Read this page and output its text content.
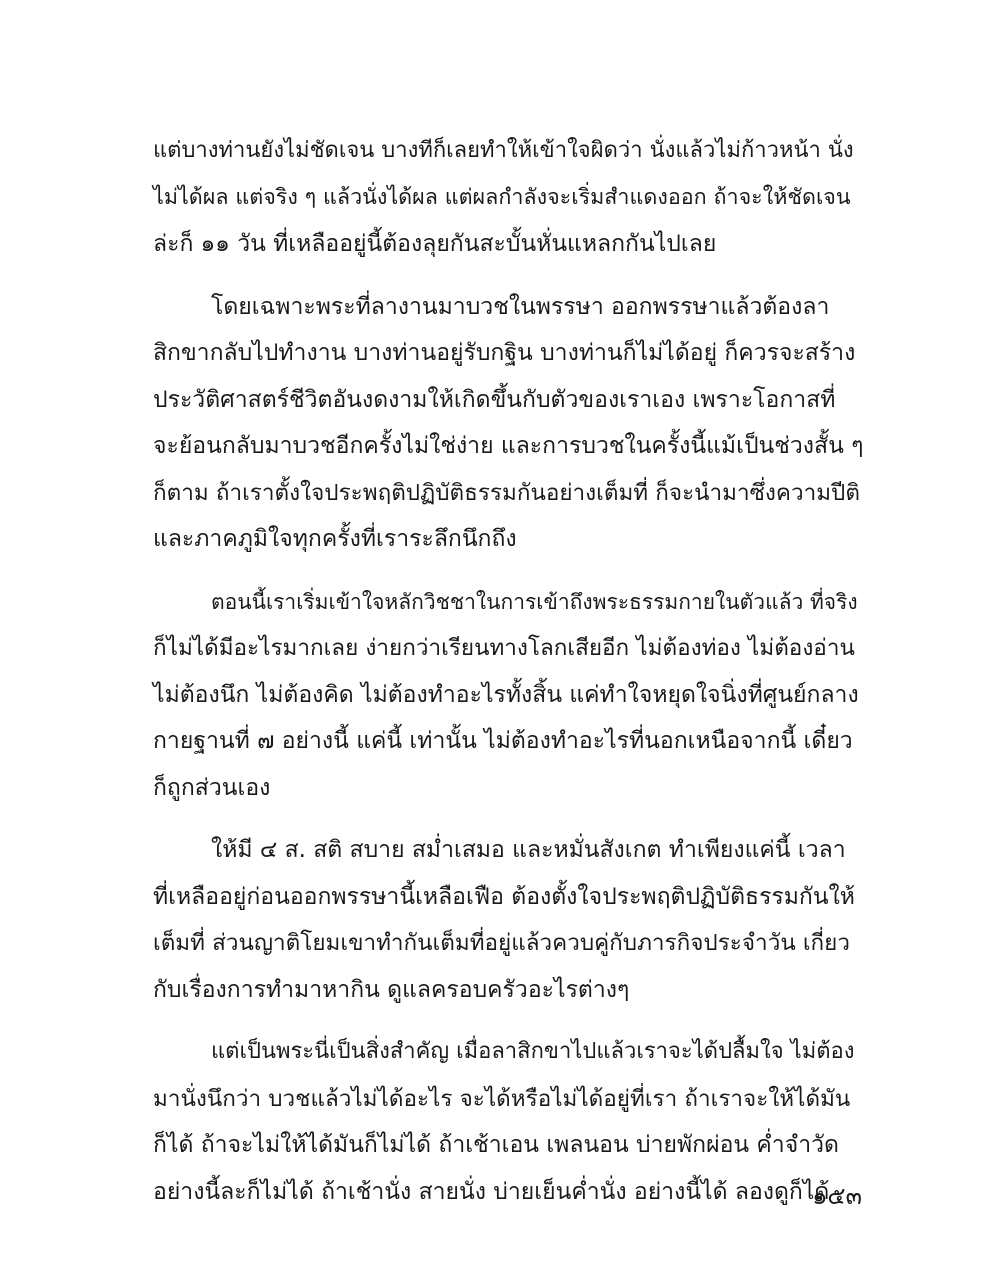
แต่บางท่านยังไม่ชัดเจน บางทีก็เลยทำให้เข้าใจผิดว่า นั่งแล้วไม่ก้าวหน้า นั่ง
ไม่ได้ผล แต่จริง ๆ แล้วนั่งได้ผล แต่ผลกำลังจะเริ่มสำแดงออก ถ้าจะให้ชัดเจน
ล่ะก็ ๑๑ วัน ที่เหลืออยู่นี้ต้องลุยกันสะบั้นหั่นแหลกกันไปเลย
โดยเฉพาะพระที่ลางานมาบวชในพรรษา ออกพรรษาแล้วต้องลา
สิกขากลับไปทำงาน บางท่านอยู่รับกฐิน บางท่านก็ไม่ได้อยู่ ก็ควรจะสร้าง
ประวัติศาสตร์ชีวิตอันงดงามให้เกิดขึ้นกับตัวของเราเอง เพราะโอกาสที่
จะย้อนกลับมาบวชอีกครั้งไม่ใช่ง่าย และการบวชในครั้งนี้แม้เป็นช่วงสั้น ๆ
ก็ตาม ถ้าเราตั้งใจประพฤติปฏิบัติธรรมกันอย่างเต็มที่ ก็จะนำมาซึ่งความปีติ
และภาคภูมิใจทุกครั้งที่เราระลึกนึกถึง
ตอนนี้เราเริ่มเข้าใจหลักวิชชาในการเข้าถึงพระธรรมกายในตัวแล้ว ที่จริง
ก็ไม่ได้มีอะไรมากเลย ง่ายกว่าเรียนทางโลกเสียอีก ไม่ต้องท่อง ไม่ต้องอ่าน
ไม่ต้องนึก ไม่ต้องคิด ไม่ต้องทำอะไรทั้งสิ้น แค่ทำใจหยุดใจนิ่งที่ศูนย์กลาง
กายฐานที่ ๗ อย่างนี้ แค่นี้ เท่านั้น ไม่ต้องทำอะไรที่นอกเหนือจากนี้ เดี๋ยว
ก็ถูกส่วนเอง
ให้มี ๔ ส. สติ สบาย สม่ำเสมอ และหมั่นสังเกต ทำเพียงแค่นี้ เวลา
ที่เหลืออยู่ก่อนออกพรรษานี้เหลือเฟือ ต้องตั้งใจประพฤติปฏิบัติธรรมกันให้
เต็มที่ ส่วนญาติโยมเขาทำกันเต็มที่อยู่แล้วควบคู่กับภารกิจประจำวัน เกี่ยว
กับเรื่องการทำมาหากิน ดูแลครอบครัวอะไรต่างๆ
แต่เป็นพระนี่เป็นสิ่งสำคัญ เมื่อลาสิกขาไปแล้วเราจะได้ปลื้มใจ ไม่ต้อง
มานั่งนึกว่า บวชแล้วไม่ได้อะไร จะได้หรือไม่ได้อยู่ที่เรา ถ้าเราจะให้ได้มัน
ก็ได้ ถ้าจะไม่ให้ได้มันก็ไม่ได้ ถ้าเช้าเอน เพลนอน บ่ายพักผ่อน ค่ำจำวัด
อย่างนี้ละก็ไม่ได้ ถ้าเช้านั่ง สายนั่ง บ่ายเย็นค่ำนั่ง อย่างนี้ได้ ลองดูก็ได้
๑๕๓
